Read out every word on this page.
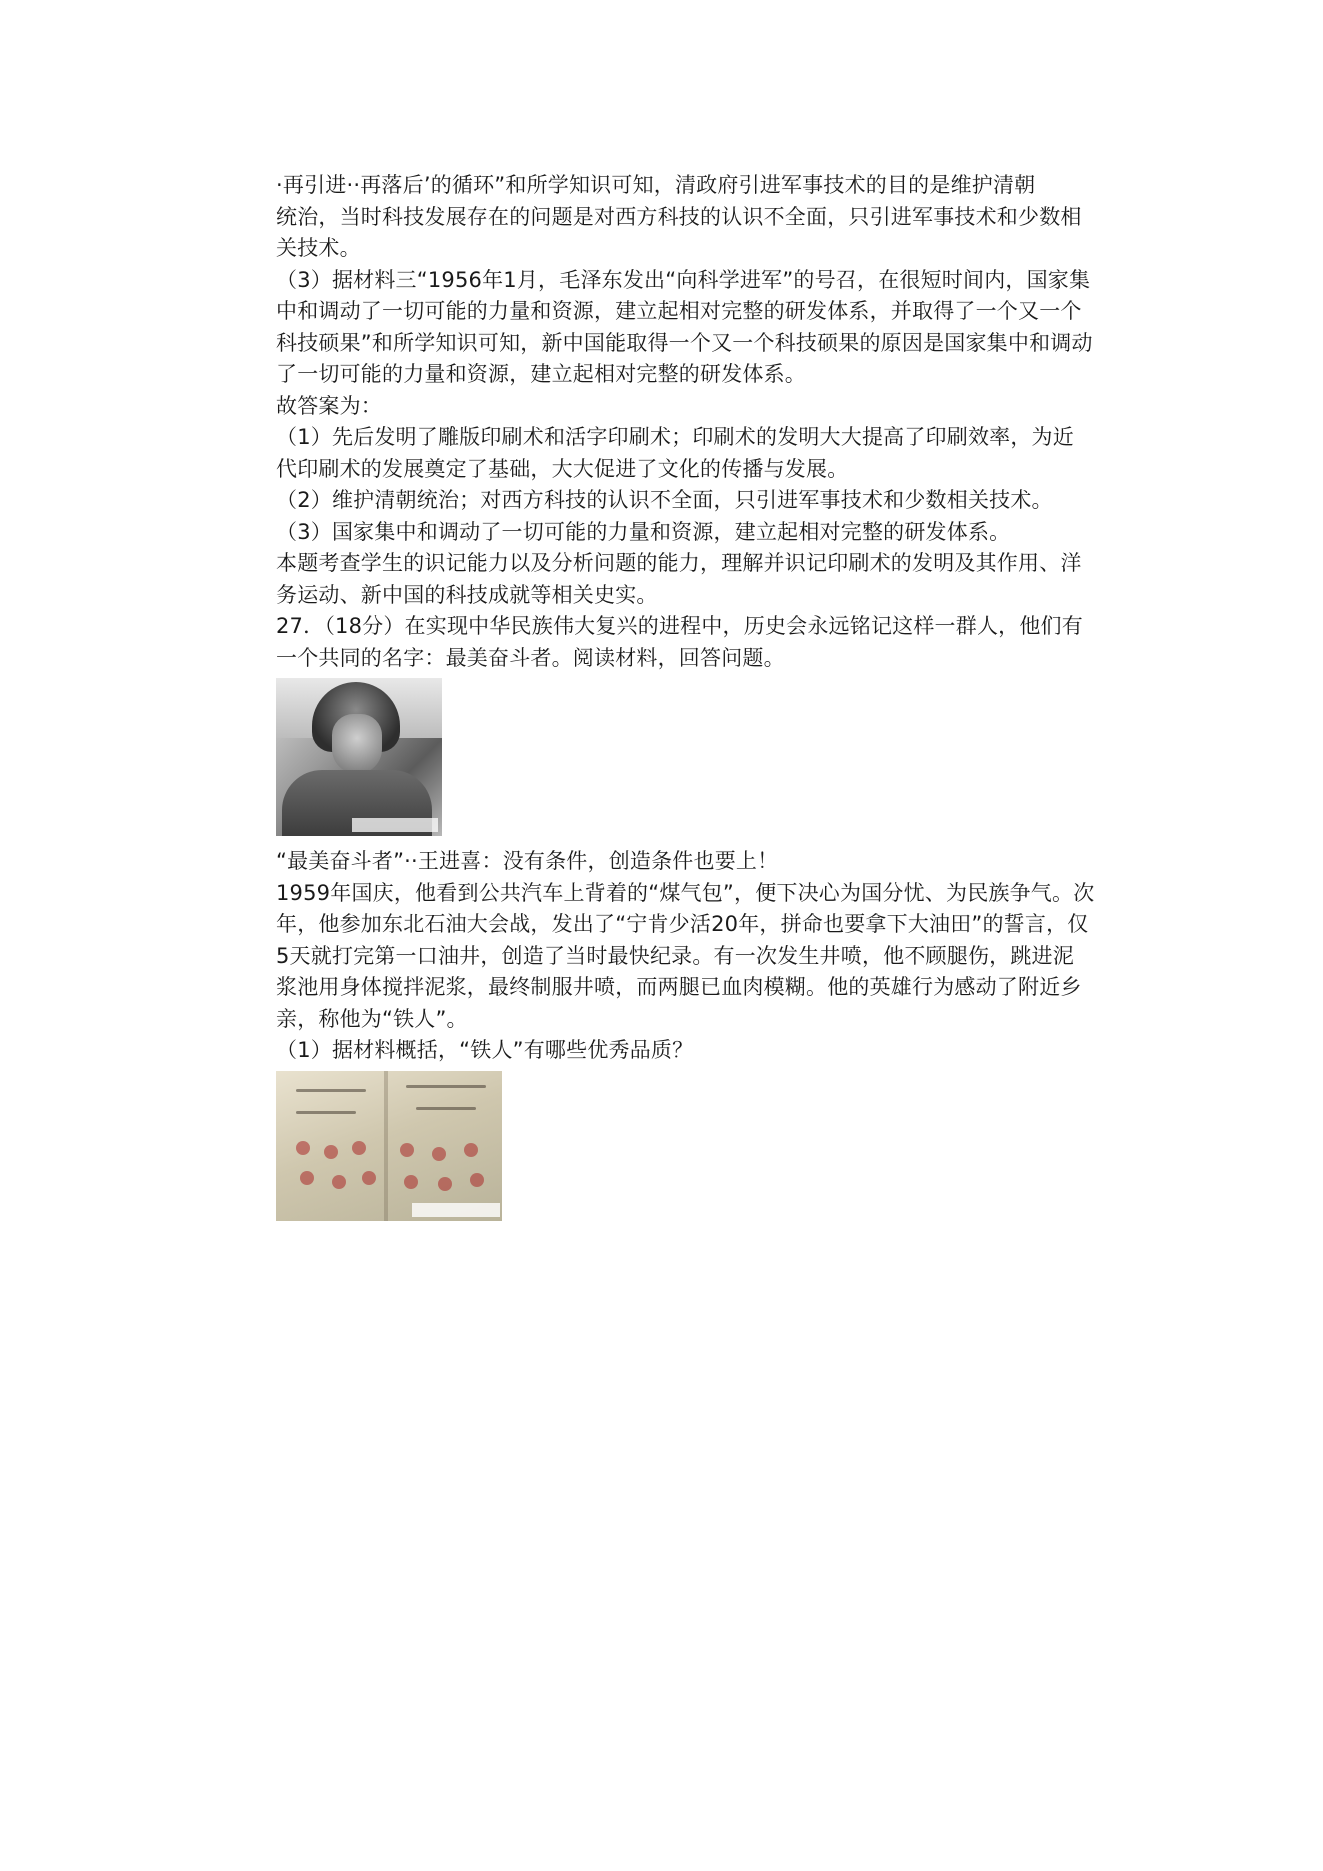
·再引进··再落后’的循环”和所学知识可知，清政府引进军事技术的目的是维护清朝
统治，当时科技发展存在的问题是对西方科技的认识不全面，只引进军事技术和少数相
关技术。
（3）据材料三“1956年1月，毛泽东发出“向科学进军”的号召，在很短时间内，国家集
中和调动了一切可能的力量和资源，建立起相对完整的研发体系，并取得了一个又一个
科技硕果”和所学知识可知，新中国能取得一个又一个科技硕果的原因是国家集中和调动
了一切可能的力量和资源，建立起相对完整的研发体系。
故答案为：
（1）先后发明了雕版印刷术和活字印刷术；印刷术的发明大大提高了印刷效率，为近
代印刷术的发展奠定了基础，大大促进了文化的传播与发展。
（2）维护清朝统治；对西方科技的认识不全面，只引进军事技术和少数相关技术。
（3）国家集中和调动了一切可能的力量和资源，建立起相对完整的研发体系。
本题考查学生的识记能力以及分析问题的能力，理解并识记印刷术的发明及其作用、洋
务运动、新中国的科技成就等相关史实。
27．（18分）在实现中华民族伟大复兴的进程中，历史会永远铭记这样一群人，他们有
一个共同的名字：最美奋斗者。阅读材料，回答问题。
“最美奋斗者”··王进喜：没有条件，创造条件也要上！
1959年国庆，他看到公共汽车上背着的“煤气包”，便下决心为国分忧、为民族争气。次
年，他参加东北石油大会战，发出了“宁肯少活20年，拼命也要拿下大油田”的誓言，仅
5天就打完第一口油井，创造了当时最快纪录。有一次发生井喷，他不顾腿伤，跳进泥
浆池用身体搅拌泥浆，最终制服井喷，而两腿已血肉模糊。他的英雄行为感动了附近乡
亲，称他为“铁人”。
（1）据材料概括，“铁人”有哪些优秀品质？
